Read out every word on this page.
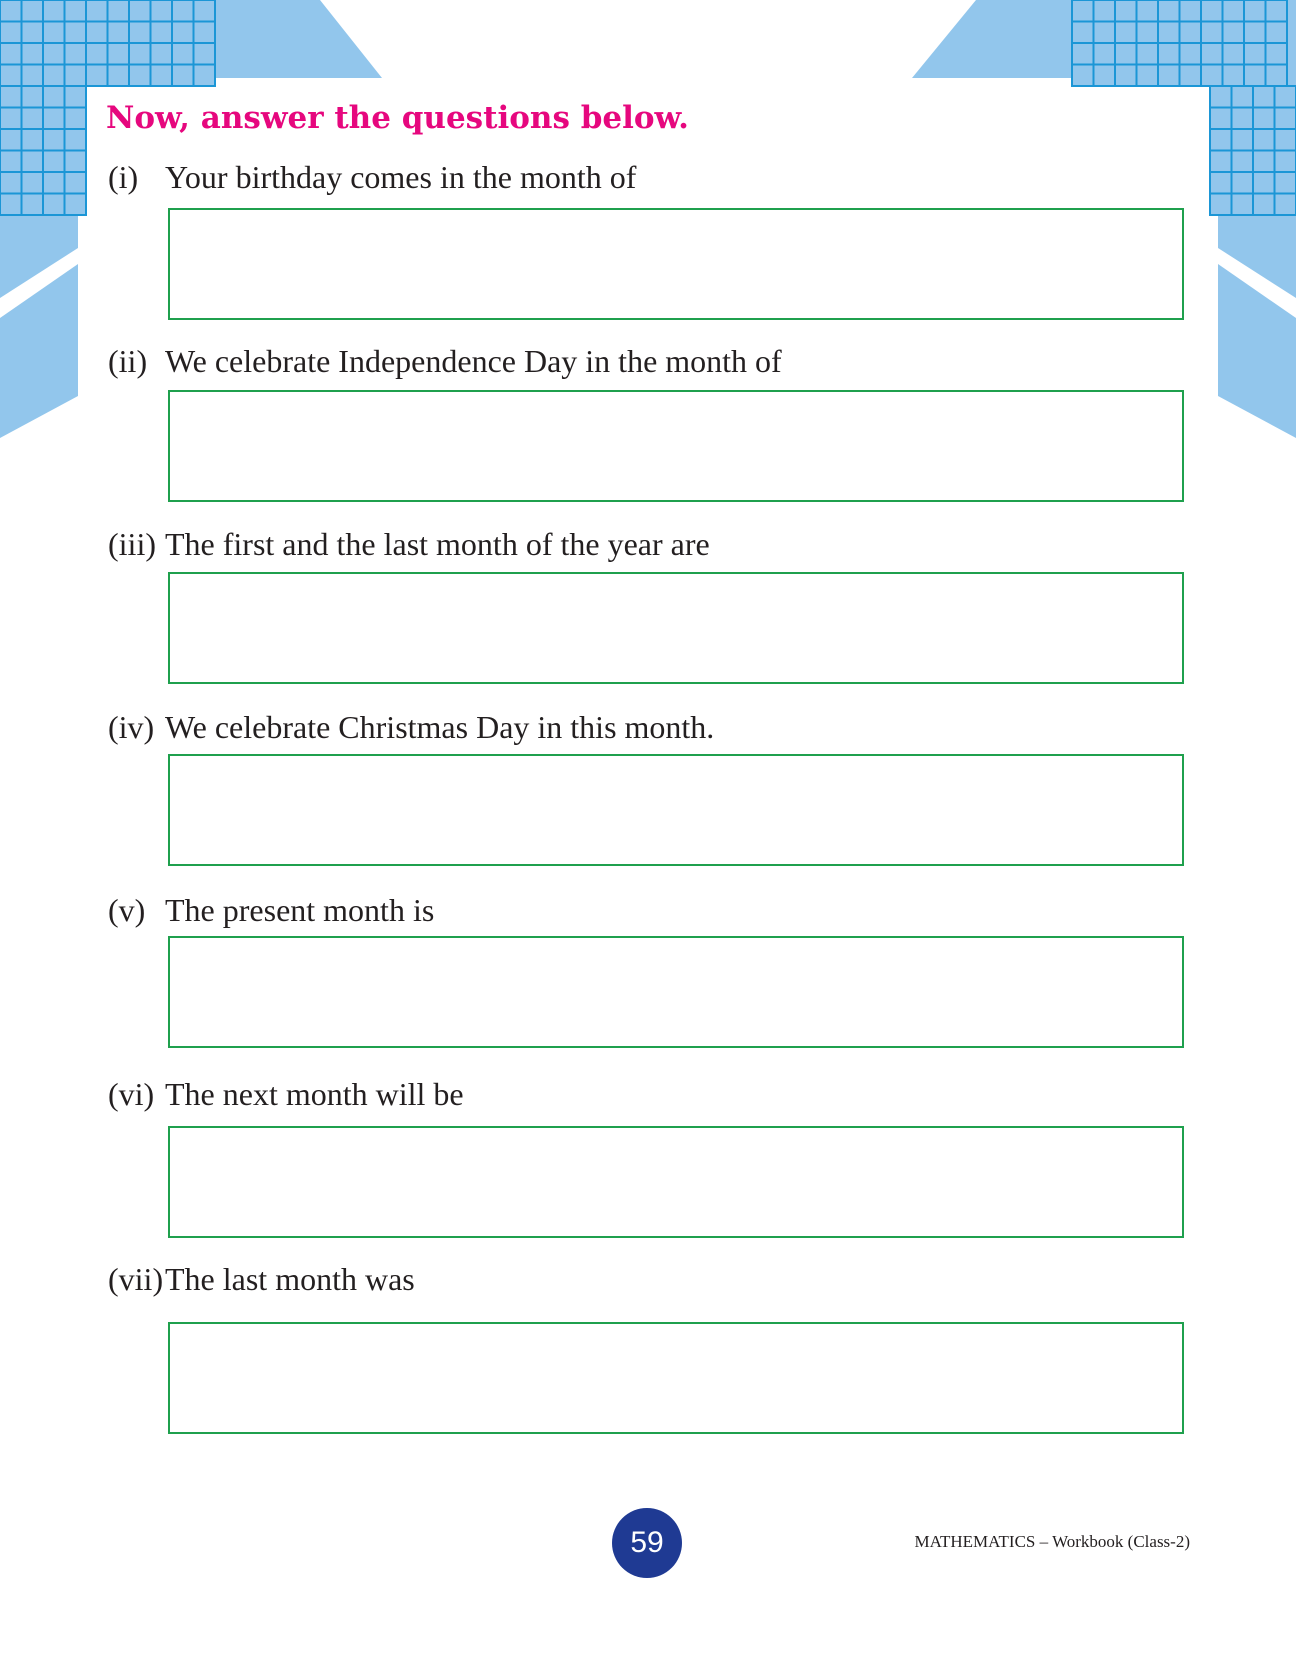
Now, answer the questions below.
(i) Your birthday comes in the month of
(ii) We celebrate Independence Day in the month of
(iii) The first and the last month of the year are
(iv) We celebrate Christmas Day in this month.
(v) The present month is
(vi) The next month will be
(vii) The last month was
59	MATHEMATICS – Workbook (Class-2)
